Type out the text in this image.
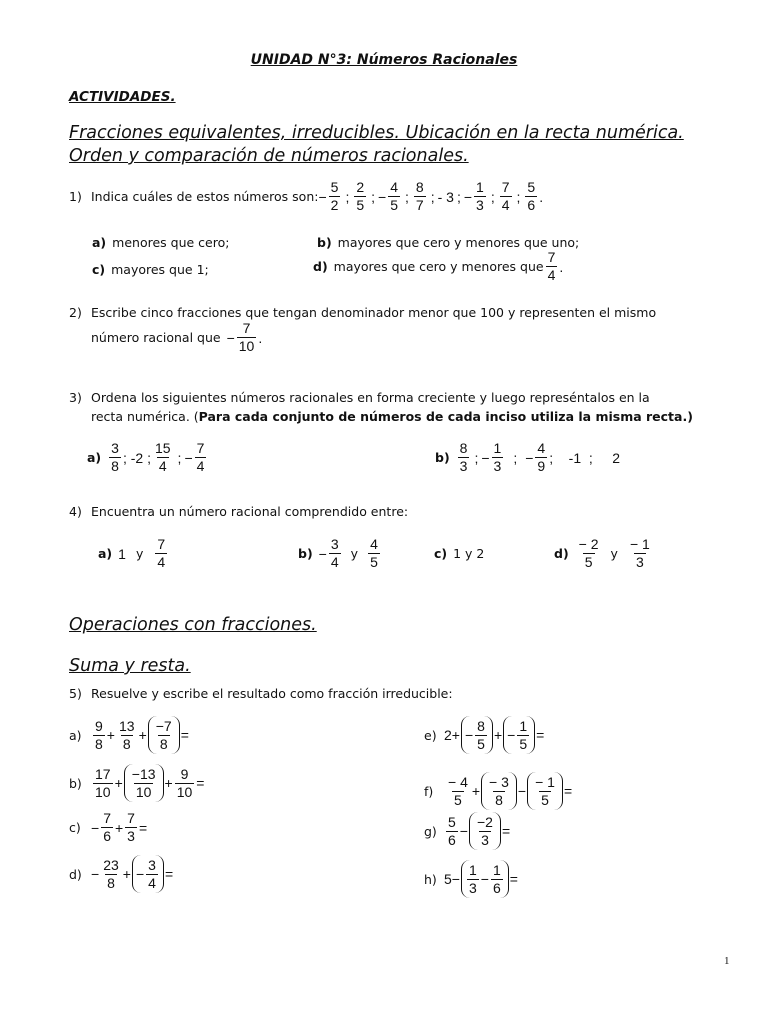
UNIDAD N°3: Números Racionales
ACTIVIDADES.
Fracciones equivalentes, irreducibles. Ubicación en la recta numérica.
Orden y comparación de números racionales.
1) Indica cuáles de estos números son: − $\frac{5}{2}$ ; $\frac{2}{5}$ ; − $\frac{4}{5}$ ; $\frac{8}{7}$ ; - 3 ; − $\frac{1}{3}$ ; $\frac{7}{4}$ ; $\frac{5}{6}$ .
a) menores que cero;	b) mayores que cero y menores que uno;
c) mayores que 1;	d) mayores que cero y menores que $\frac{7}{4}$ .
2) Escribe cinco fracciones que tengan denominador menor que 100 y representen el mismo
número racional que − $\frac{7}{10}$ .
3) Ordena los siguientes números racionales en forma creciente y luego represéntalos en la
recta numérica. ( Para cada conjunto de números de cada inciso utiliza la misma recta.)
$a) \frac{3}{8}$ ; -2 ; $\frac{15}{4}$ ; − $\frac{7}{4}$	$b) \frac{8}{3}$ ; − $\frac{1}{3}$ ; − $\frac{4}{9}$ ;    -1  ;     2
4) Encuentra un número racional comprendido entre:
a) 1 y $\frac{7}{4}$	$b) - \frac{3}{4}$ y $\frac{4}{5}$	c) 1 y 2	$d) \frac{- 2}{5}$ y $\frac{- 1}{3}$
Operaciones con fracciones.
Suma y resta.
5) Resuelve y escribe el resultado como fracción irreducible:
$a) \frac{9}{8} + \frac{13}{8} + \frac{-7}{8}$ =
$b) \frac{17}{10} + \frac{-13}{10} + \frac{9}{10}$ =
$c) - \frac{7}{6} + \frac{7}{3}$ =
$d) - \frac{23}{8}$ + − $\frac{3}{4}$ =
e) 2 + − $\frac{8}{5}$ + − $\frac{1}{5}$ =
$f) \frac{- 4}{5} + \frac{- 3}{8} - \frac{- 1}{5}$ =
$g) \frac{5}{6} - \frac{-2}{3}$ =
h) $5 - \frac{1}{3} - \frac{1}{6}$ =
1
